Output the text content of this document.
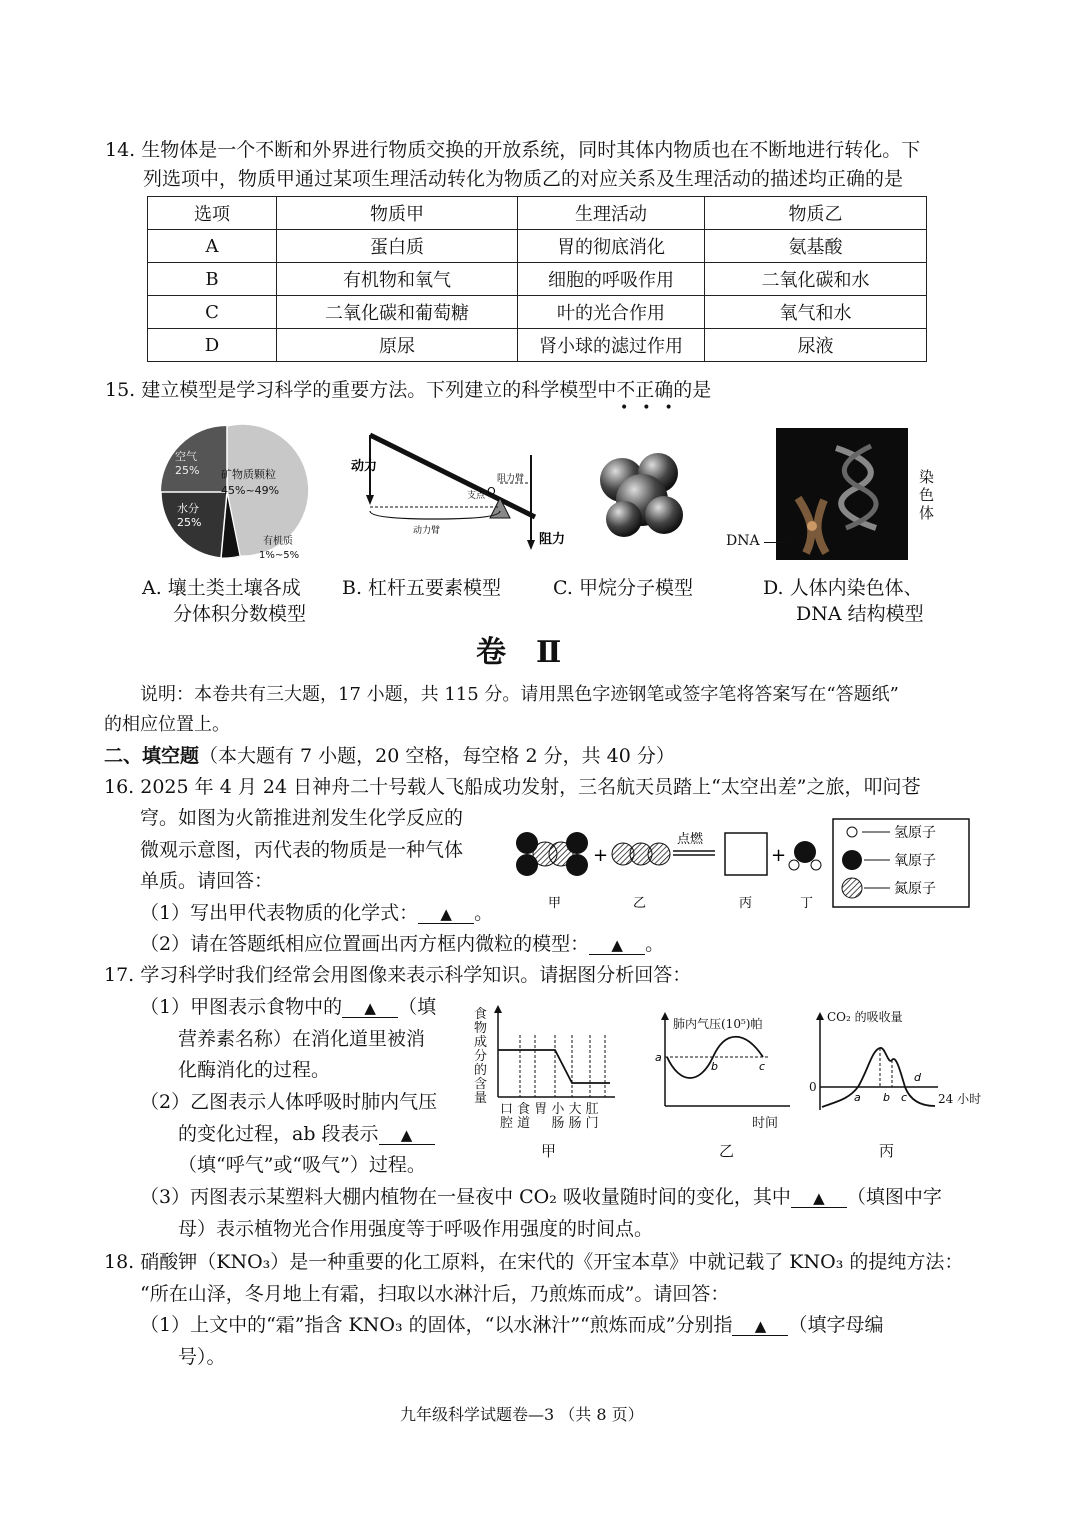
14. 生物体是一个不断和外界进行物质交换的开放系统，同时其体内物质也在不断地进行转化。下
列选项中，物质甲通过某项生理活动转化为物质乙的对应关系及生理活动的描述均正确的是
选项	物质甲	生理活动	物质乙
A	蛋白质	胃的彻底消化	氨基酸
B	有机物和氧气	细胞的呼吸作用	二氧化碳和水
C	二氧化碳和葡萄糖	叶的光合作用	氧气和水
D	原尿	肾小球的滤过作用	尿液
15. 建立模型是学习科学的重要方法。下列建立的科学模型中不正确的是
•••
空气
25% 矿物质颗粒
45%~49%
水分
25%
有机质
1%~5%
动力
动力臂
支点 O
阻力臂
阻力
染色体
DNA
A. 壤土类土壤各成
分体积分数模型
B. 杠杆五要素模型	C. 甲烷分子模型	D. 人体内染色体、
DNA 结构模型
卷　Ⅱ
说明：本卷共有三大题，17 小题，共 115 分。请用黑色字迹钢笔或签字笔将答案写在“答题纸”
的相应位置上。
二、填空题（本大题有 7 小题，20 空格，每空格 2 分，共 40 分）
16. 2025 年 4 月 24 日神舟二十号载人飞船成功发射，三名航天员踏上“太空出差”之旅，叩问苍
穹。如图为火箭推进剂发生化学反应的
微观示意图，丙代表的物质是一种气体
单质。请回答：
（1）写出甲代表物质的化学式： ▲ 。
（2）请在答题纸相应位置画出丙方框内微粒的模型： ▲ 。
+
点燃
+
甲	乙	丙	丁
氢原子
氧原子
氮原子
17. 学习科学时我们经常会用图像来表示科学知识。请据图分析回答：
（1）甲图表示食物中的 ▲ （填
营养素名称）在消化道里被消
化酶消化的过程。
（2）乙图表示人体呼吸时肺内气压
的变化过程，ab 段表示 ▲
（填“呼气”或“吸气”）过程。
（3）丙图表示某塑料大棚内植物在一昼夜中 CO₂ 吸收量随时间的变化，其中 ▲ （填图中字
母）表示植物光合作用强度等于呼吸作用强度的时间点。
食物成分的含量
口 食 胃 小 大 肛
腔 道 　 肠 肠 门
甲
a
b	c
肺内气压(10⁵)帕
时间
乙
a b c
d
CO₂ 的吸收量
0
24 小时
丙
18. 硝酸钾（KNO₃）是一种重要的化工原料，在宋代的《开宝本草》中就记载了 KNO₃ 的提纯方法：
“所在山泽，冬月地上有霜，扫取以水淋汁后，乃煎炼而成”。请回答：
（1）上文中的“霜”指含 KNO₃ 的固体，“以水淋汁”“煎炼而成”分别指 ▲ （填字母编
号）。
九年级科学试题卷—3 （共 8 页）
